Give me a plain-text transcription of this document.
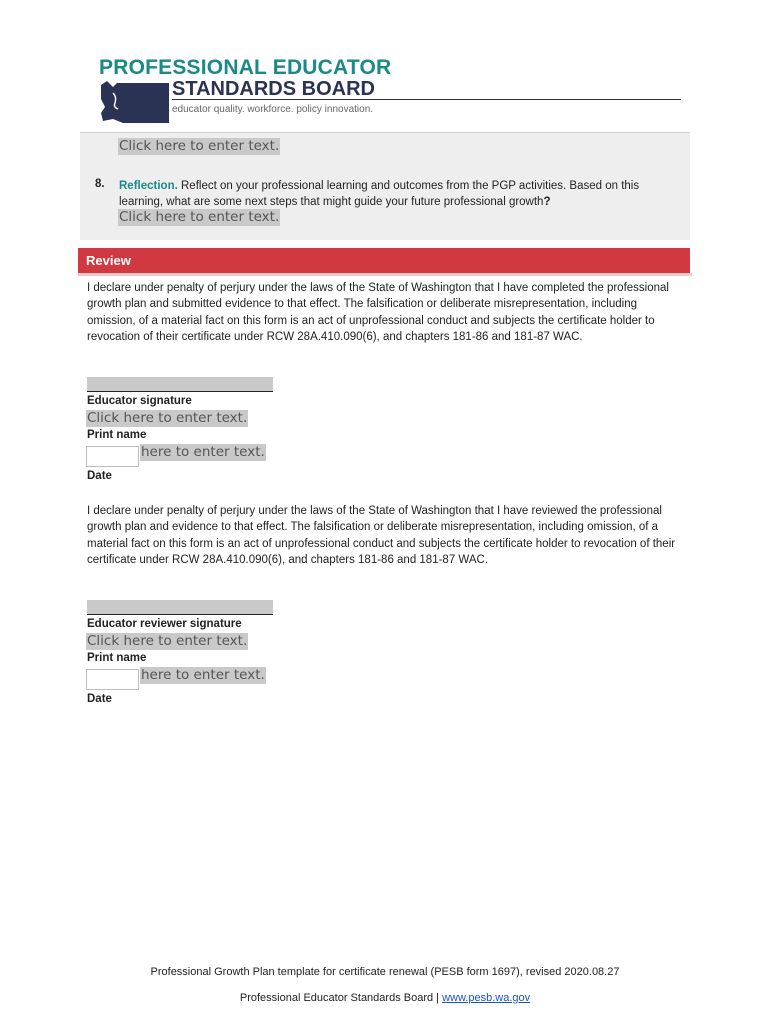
PROFESSIONAL EDUCATOR
STANDARDS BOARD
educator quality. workforce. policy innovation.
Click here to enter text.
8. Reflection. Reflect on your professional learning and outcomes from the PGP activities. Based on this learning, what are some next steps that might guide your future professional growth?
Click here to enter text.
Review
I declare under penalty of perjury under the laws of the State of Washington that I have completed the professional growth plan and submitted evidence to that effect. The falsification or deliberate misrepresentation, including omission, of a material fact on this form is an act of unprofessional conduct and subjects the certificate holder to revocation of their certificate under RCW 28A.410.090(6), and chapters 181-86 and 181-87 WAC.
Educator signature
Click here to enter text.
Print name
here to enter text.
Date
I declare under penalty of perjury under the laws of the State of Washington that I have reviewed the professional growth plan and evidence to that effect. The falsification or deliberate misrepresentation, including omission, of a material fact on this form is an act of unprofessional conduct and subjects the certificate holder to revocation of their certificate under RCW 28A.410.090(6), and chapters 181-86 and 181-87 WAC.
Educator reviewer signature
Click here to enter text.
Print name
here to enter text.
Date
Professional Growth Plan template for certificate renewal (PESB form 1697), revised 2020.08.27
Professional Educator Standards Board | www.pesb.wa.gov
